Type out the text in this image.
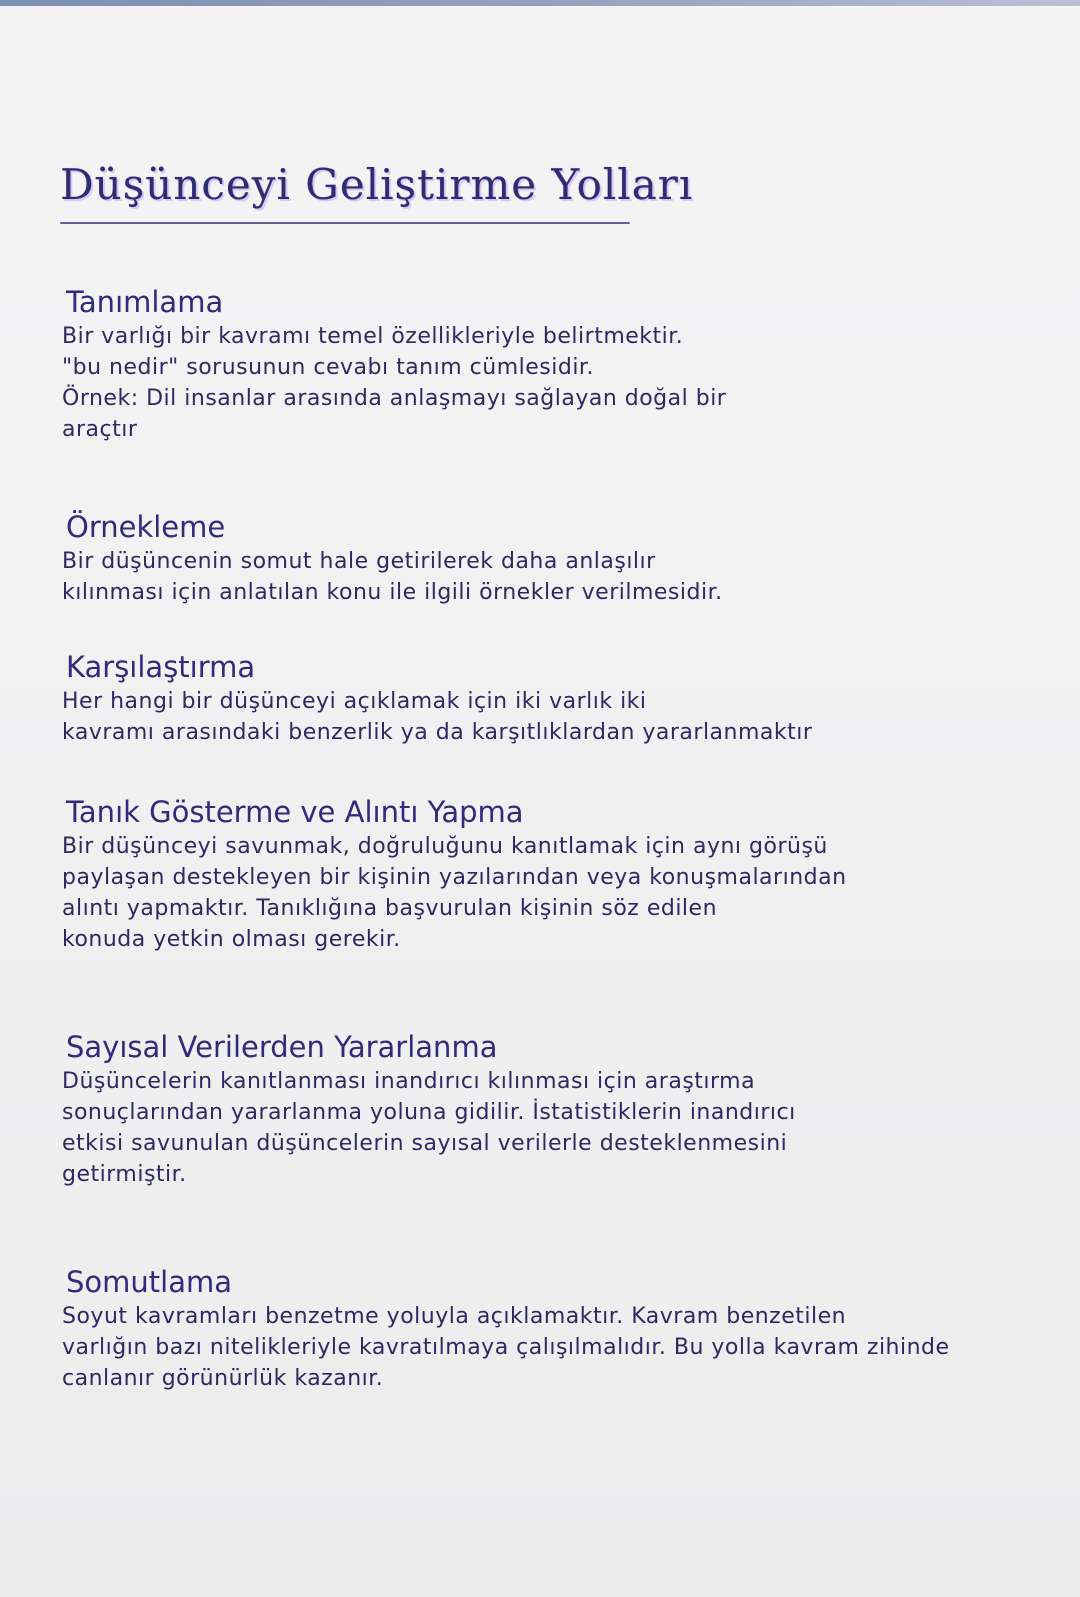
Düşünceyi Geliştirme Yolları
Tanımlama
Bir varlığı bir kavramı temel özellikleriyle belirtmektir.
"bu nedir" sorusunun cevabı tanım cümlesidir.
Örnek: Dil insanlar arasında anlaşmayı sağlayan doğal bir
araçtır
Örnekleme
Bir düşüncenin somut hale getirilerek daha anlaşılır
kılınması için anlatılan konu ile ilgili örnekler verilmesidir.
Karşılaştırma
Her hangi bir düşünceyi açıklamak için iki varlık iki
kavramı arasındaki benzerlik ya da karşıtlıklardan yararlanmaktır
Tanık Gösterme ve Alıntı Yapma
Bir düşünceyi savunmak, doğruluğunu kanıtlamak için aynı görüşü
paylaşan destekleyen bir kişinin yazılarından veya konuşmalarından
alıntı yapmaktır. Tanıklığına başvurulan kişinin söz edilen
konuda yetkin olması gerekir.
Sayısal Verilerden Yararlanma
Düşüncelerin kanıtlanması inandırıcı kılınması için araştırma
sonuçlarından yararlanma yoluna gidilir. İstatistiklerin inandırıcı
etkisi savunulan düşüncelerin sayısal verilerle desteklenmesini
getirmiştir.
Somutlama
Soyut kavramları benzetme yoluyla açıklamaktır. Kavram benzetilen
varlığın bazı nitelikleriyle kavratılmaya çalışılmalıdır. Bu yolla kavram zihinde
canlanır görünürlük kazanır.
